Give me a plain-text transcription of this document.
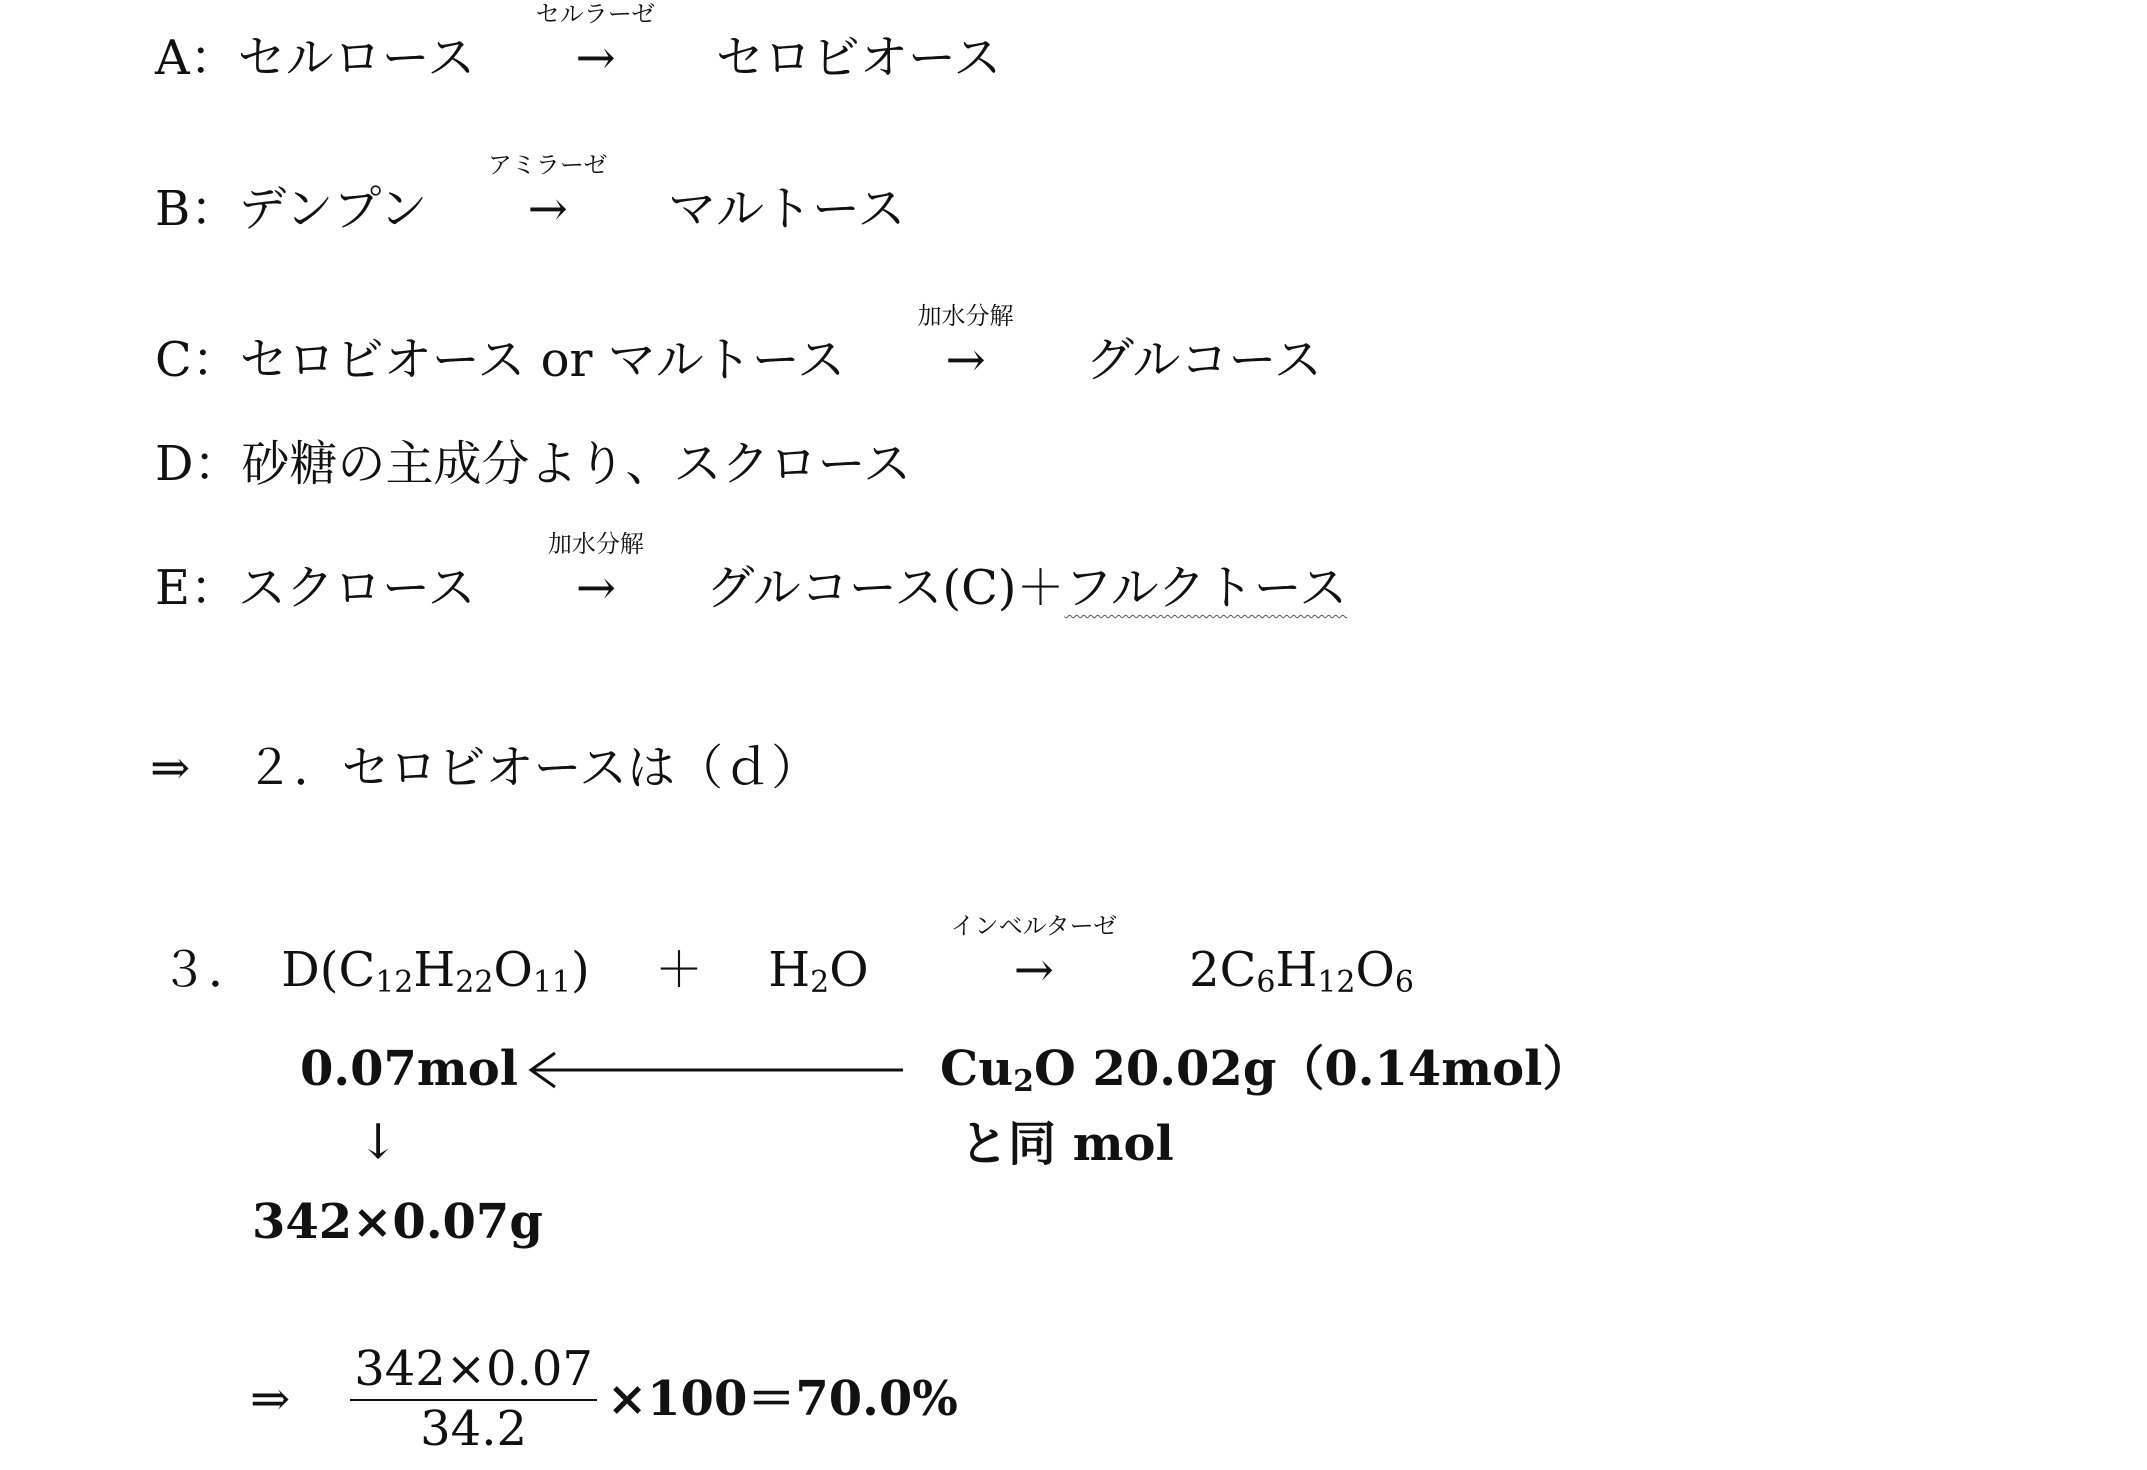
A：セルロース
セルラーゼ
→ セロビオース
B：デンプン
アミラーゼ
→ マルトース
C：セロビオース or マルトース
加水分解
→ グルコース
D：砂糖の主成分より、スクロース
E：スクロース
加水分解
→ グルコース(C)＋フルクトース
⇒ ２．セロビオースは（ｄ）
３． $D(C_{12}H_{22}O_{11}) + H_2O$
インベルターゼ
→	$2C_6H_{12}O_6$
0.07mol	$Cu_2O$ 20.02g（0.14mol）
↓	と同 mol
342×0.07g
⇒ $\frac{342\times 0.07}{34.2} \times 100=70.0\%$
